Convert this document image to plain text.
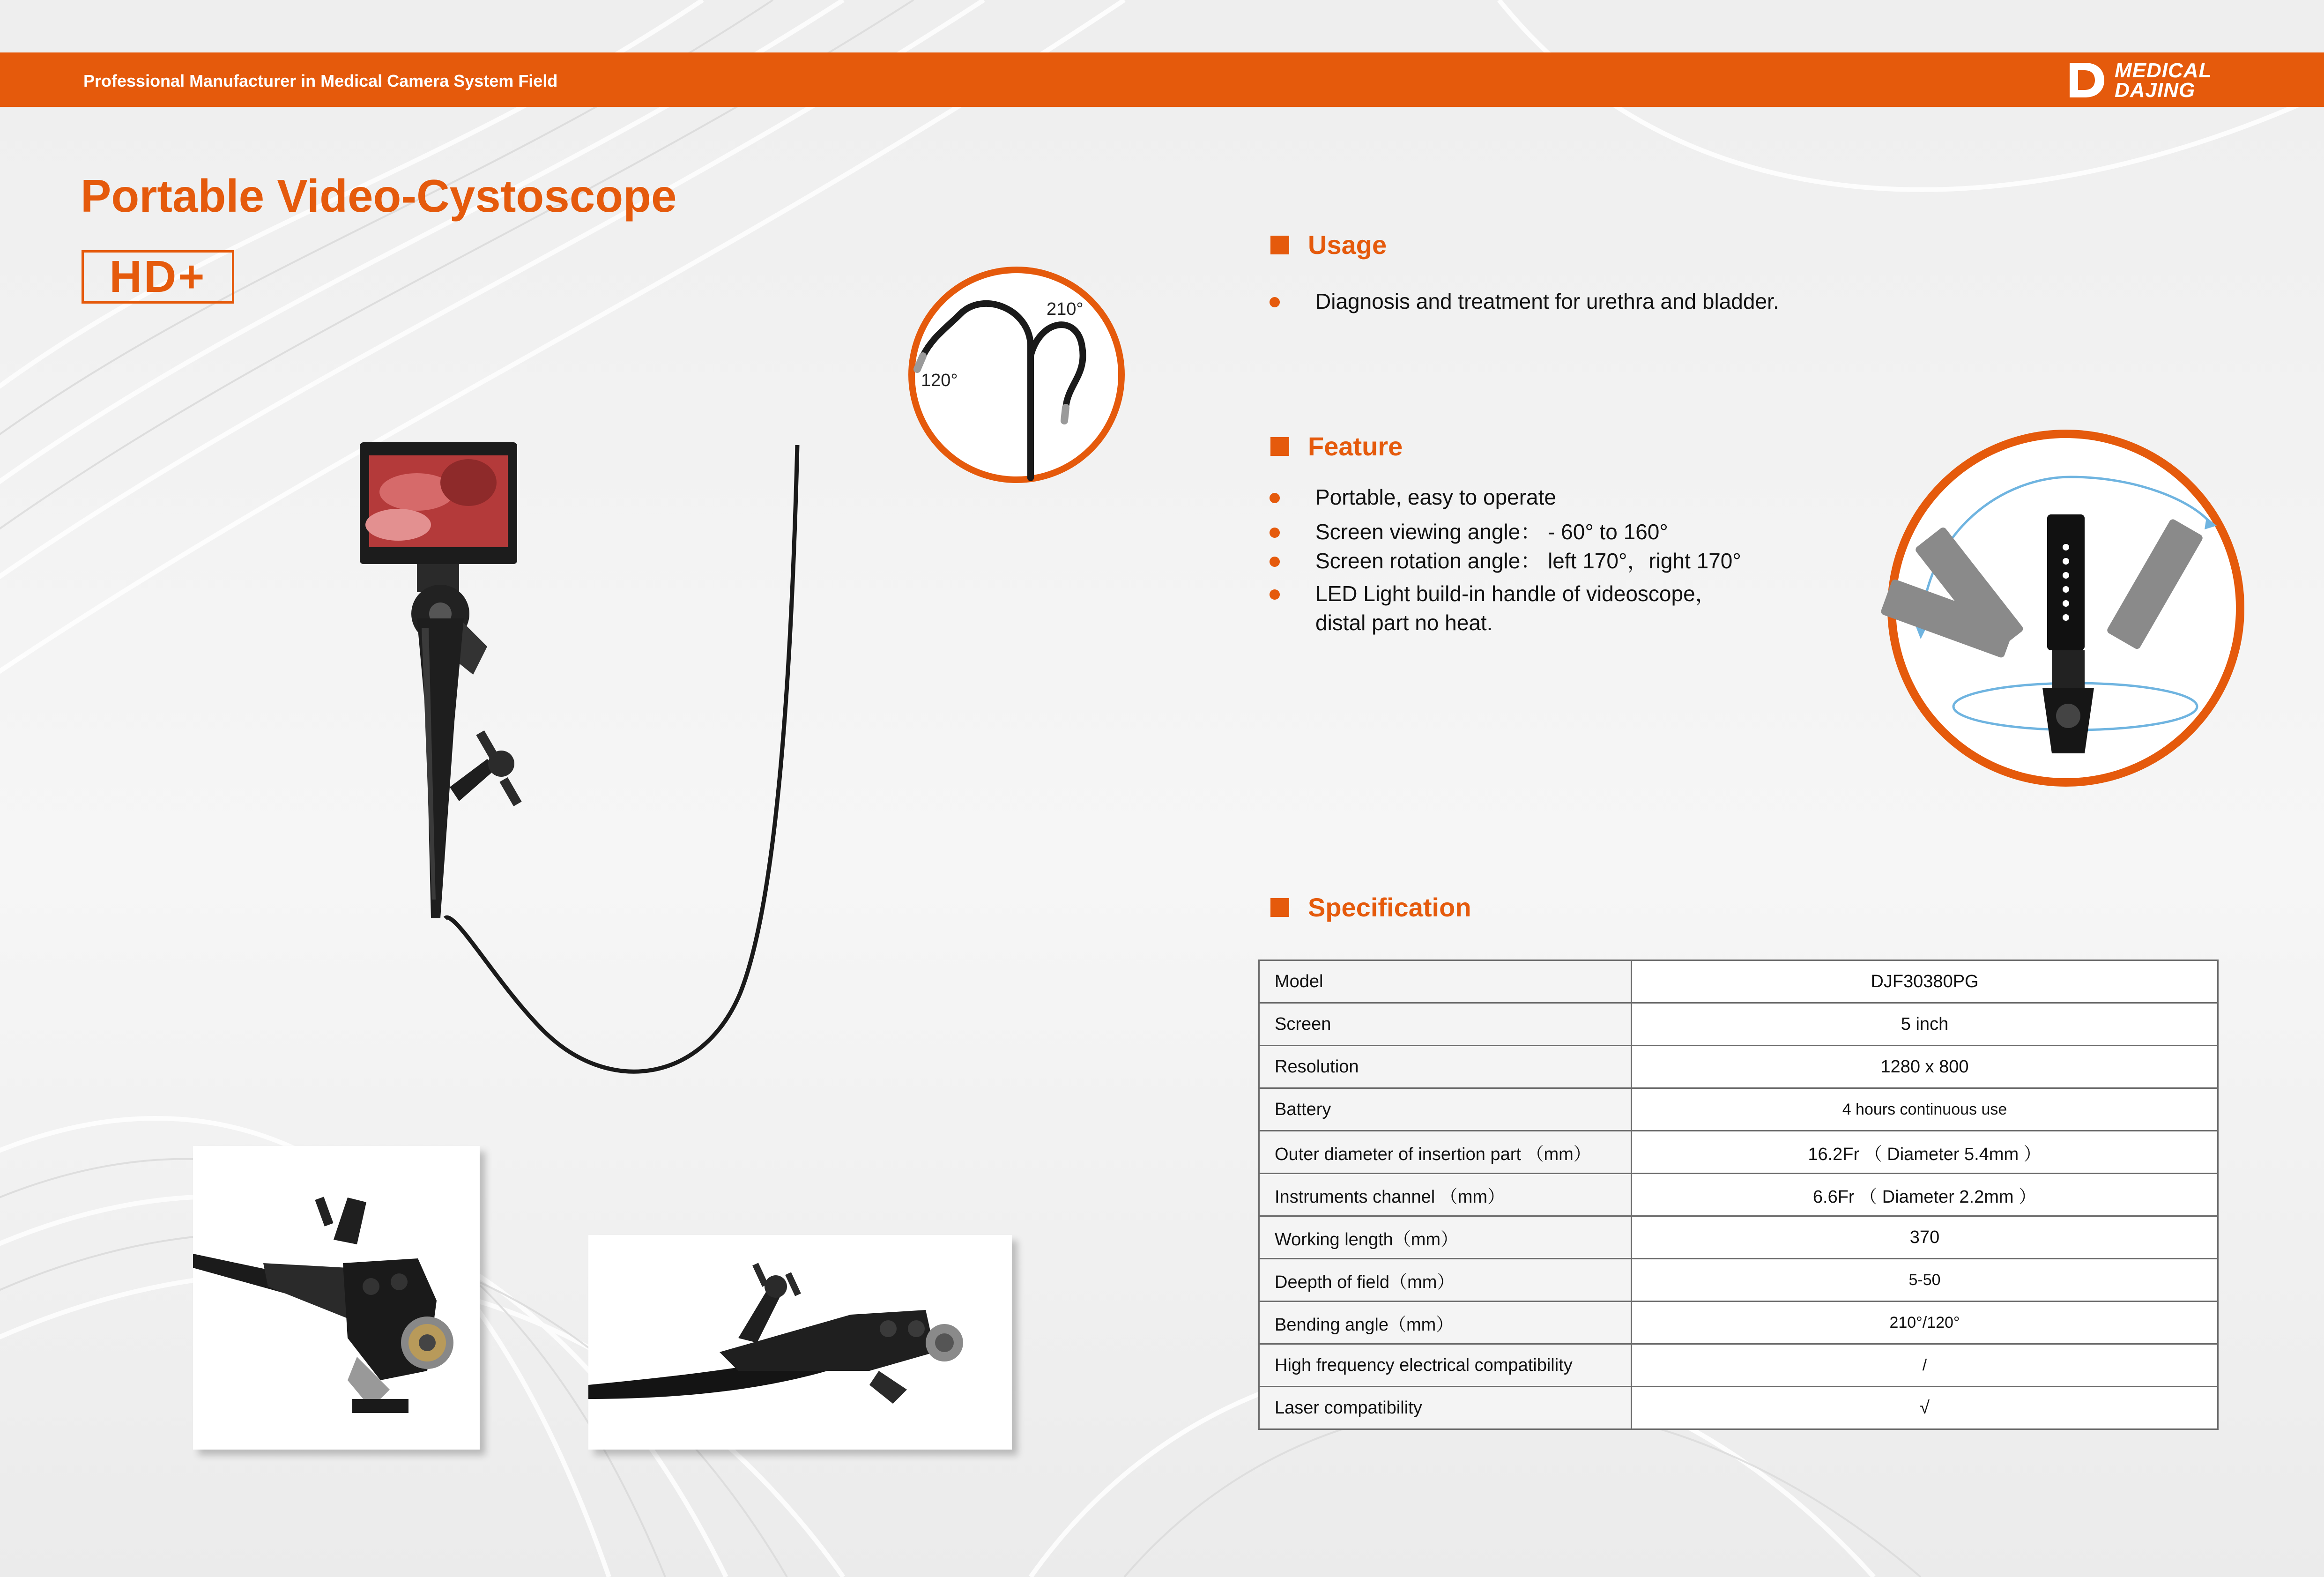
Professional Manufacturer in Medical Camera System Field	MEDICAL
DAJING
Portable Video-Cystoscope
HD+
210°
120°
Usage
Diagnosis and treatment for urethra and bladder.
Feature
Portable, easy to operate
Screen viewing angle： - 60° to 160°
Screen rotation angle： left 170°，right 170°
LED Light build-in handle of videoscope，
distal part no heat.
Specification
Model	DJF30380PG
Screen	5 inch
Resolution	1280 x 800
Battery	4 hours continuous use
Outer diameter of insertion part （mm）	16.2Fr （ Diameter 5.4mm ）
Instruments channel （mm）	6.6Fr （ Diameter 2.2mm ）
Working length（mm）	370
Deepth of field（mm）	5-50
Bending angle（mm）	210°/120°
High frequency electrical compatibility	/
Laser compatibility	√
